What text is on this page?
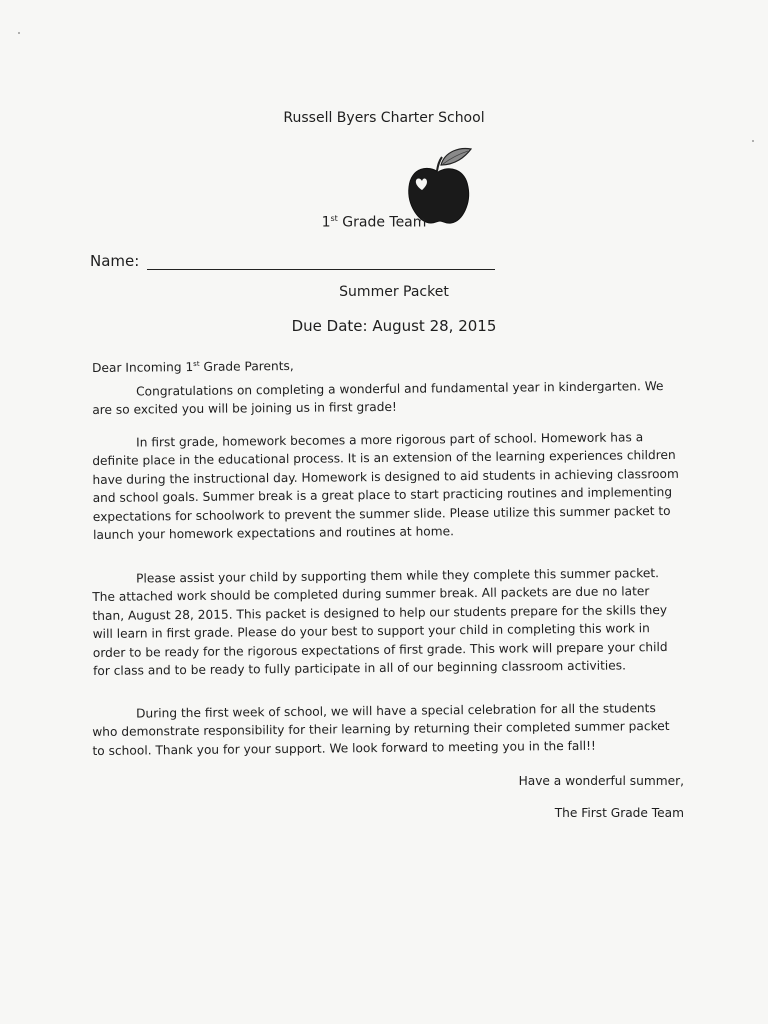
Russell Byers Charter School
1st Grade Team
Name:
Summer Packet
Due Date: August 28, 2015
Dear Incoming 1st Grade Parents,

Congratulations on completing a wonderful and fundamental year in kindergarten. We are so excited you will be joining us in first grade!

In first grade, homework becomes a more rigorous part of school. Homework has a definite place in the educational process. It is an extension of the learning experiences children have during the instructional day. Homework is designed to aid students in achieving classroom and school goals. Summer break is a great place to start practicing routines and implementing expectations for schoolwork to prevent the summer slide. Please utilize this summer packet to launch your homework expectations and routines at home.

Please assist your child by supporting them while they complete this summer packet. The attached work should be completed during summer break. All packets are due no later than, August 28, 2015. This packet is designed to help our students prepare for the skills they will learn in first grade. Please do your best to support your child in completing this work in order to be ready for the rigorous expectations of first grade. This work will prepare your child for class and to be ready to fully participate in all of our beginning classroom activities.

During the first week of school, we will have a special celebration for all the students who demonstrate responsibility for their learning by returning their completed summer packet to school. Thank you for your support. We look forward to meeting you in the fall!!

Have a wonderful summer,
The First Grade Team
